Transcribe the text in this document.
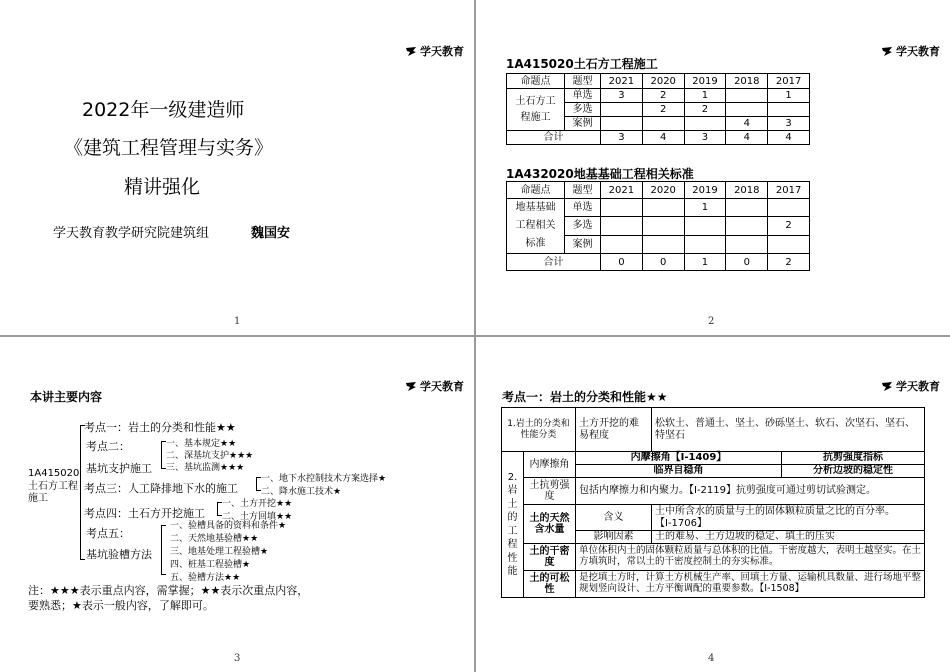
学天教育
2022年一级建造师
《建筑工程管理与实务》
精讲强化
学天教育教学研究院建筑组	魏国安
1
学天教育
1A415020土石方工程施工
命题点	题型	2021	2020	2019	2018	2017
土石方工程施工	单选	3	2	1		1
	多选		2	2		
	案例				4	3
合计		3	4	3	4	4
1A432020地基基础工程相关标准
命题点	题型	2021	2020	2019	2018	2017
地基基础工程相关标准	单选			1		
	多选					2
	案例					
合计		0	0	1	0	2
2
学天教育
本讲主要内容
1A415020土石方工程施工
考点一：岩土的分类和性能★★
考点二：
基坑支护施工
一、基本规定★★
二、深基坑支护★★★
三、基坑监测★★★
考点三：人工降排地下水的施工
一、地下水控制技术方案选择★
二、降水施工技术★
考点四：土石方开挖施工
一、土方开挖★★
二、土方回填★★
考点五：
基坑验槽方法
一、验槽具备的资料和条件★
二、天然地基验槽★★
三、地基处理工程验槽★
四、桩基工程验槽★
五、验槽方法★★
注：★★★表示重点内容，需掌握；★★表示次重点内容，
要熟悉；★表示一般内容，了解即可。
3
学天教育
考点一：岩土的分类和性能★★
1.岩土的分类和性能分类		土方开挖的难易程度	松软土、普通土、坚土、砂砾坚土、软石、次坚石、坚石、特坚石	
2.岩土的工程性能	内摩擦角	内摩擦角【Ⅰ-1409】		抗剪强度指标
		临界自稳角		分析边坡的稳定性
	土抗剪强度	包括内摩擦力和内聚力。【Ⅰ-2119】抗剪强度可通过剪切试验测定。		
	土的天然含水量	含义	土中所含水的质量与土的固体颗粒质量之比的百分率。【Ⅰ-1706】	
		影响因素	土的难易、土方边坡的稳定、填土的压实	
	土的干密度	单位体积内土的固体颗粒质量与总体积的比值。干密度越大，表明土越坚实。在土方填筑时，常以土的干密度控制土的夯实标准。		
	土的可松性	是挖填土方时，计算土方机械生产率、回填土方量、运输机具数量、进行场地平整规划竖向设计、土方平衡调配的重要参数。【Ⅰ-1508】		
4
